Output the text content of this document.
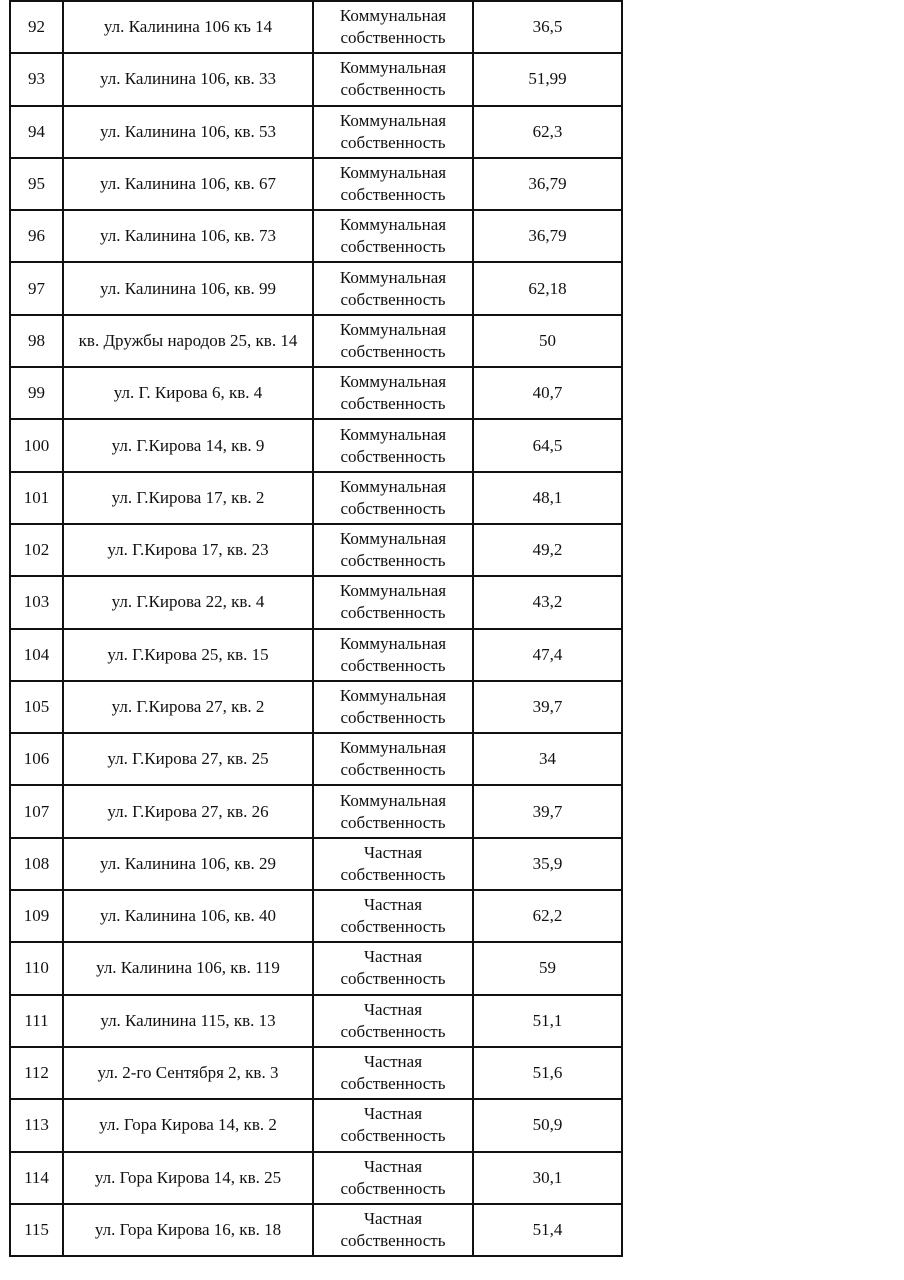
92	ул. Калинина 106 къ 14	Коммунальная собственность	36,5
93	ул. Калинина 106, кв. 33	Коммунальная собственность	51,99
94	ул. Калинина 106, кв. 53	Коммунальная собственность	62,3
95	ул. Калинина 106, кв. 67	Коммунальная собственность	36,79
96	ул. Калинина 106, кв. 73	Коммунальная собственность	36,79
97	ул. Калинина 106, кв. 99	Коммунальная собственность	62,18
98	кв. Дружбы народов 25, кв. 14	Коммунальная собственность	50
99	ул. Г. Кирова 6, кв. 4	Коммунальная собственность	40,7
100	ул. Г.Кирова 14, кв. 9	Коммунальная собственность	64,5
101	ул. Г.Кирова 17, кв. 2	Коммунальная собственность	48,1
102	ул. Г.Кирова 17, кв. 23	Коммунальная собственность	49,2
103	ул. Г.Кирова 22, кв. 4	Коммунальная собственность	43,2
104	ул. Г.Кирова 25, кв. 15	Коммунальная собственность	47,4
105	ул. Г.Кирова 27, кв. 2	Коммунальная собственность	39,7
106	ул. Г.Кирова 27, кв. 25	Коммунальная собственность	34
107	ул. Г.Кирова 27, кв. 26	Коммунальная собственность	39,7
108	ул. Калинина 106, кв. 29	Частная собственность	35,9
109	ул. Калинина 106, кв. 40	Частная собственность	62,2
110	ул. Калинина 106, кв. 119	Частная собственность	59
111	ул. Калинина 115, кв. 13	Частная собственность	51,1
112	ул. 2-го Сентября 2, кв. 3	Частная собственность	51,6
113	ул. Гора Кирова 14, кв. 2	Частная собственность	50,9
114	ул. Гора Кирова 14, кв. 25	Частная собственность	30,1
115	ул. Гора Кирова 16, кв. 18	Частная собственность	51,4
